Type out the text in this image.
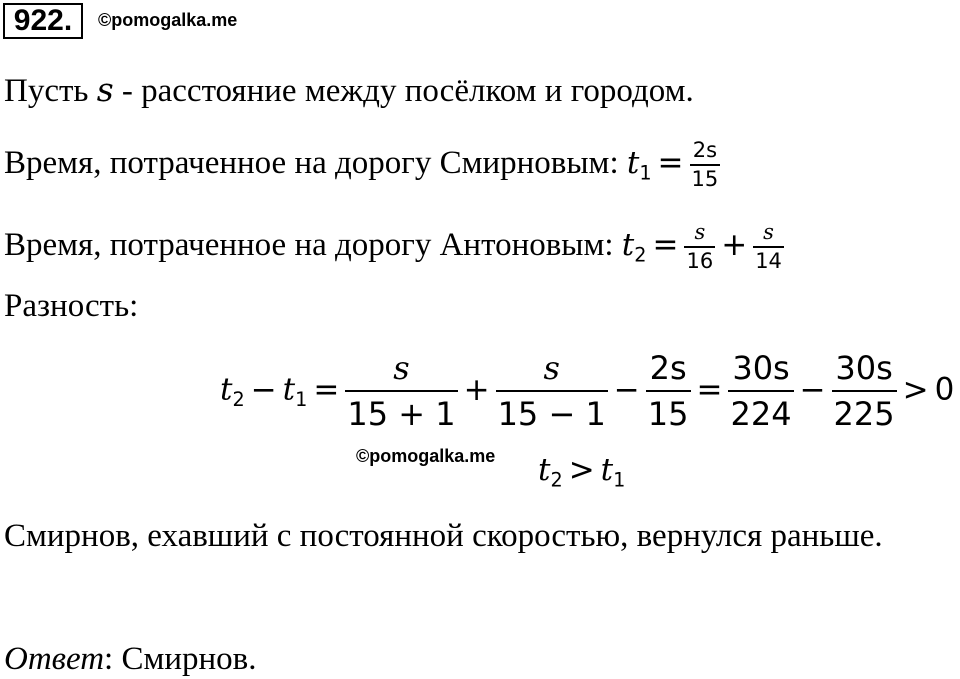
922.	©pomogalka.me
Пусть s - расстояние между посёлком и городом.
Время, потраченное на дорогу Смирновым: $t_1 = \frac{2s}{15}$
Время, потраченное на дорогу Антоновым: $t_2 = \frac{s}{16} + \frac{s}{14}$
Разность:
$t_2 - t_1 = \frac{s}{15 + 1} + \frac{s}{15 - 1} - \frac{2s}{15} = \frac{30s}{224} - \frac{30s}{225} > 0$
©pomogalka.me $t_2 > t_1$
Смирнов, ехавший с постоянной скоростью, вернулся раньше.
Ответ: Смирнов.
